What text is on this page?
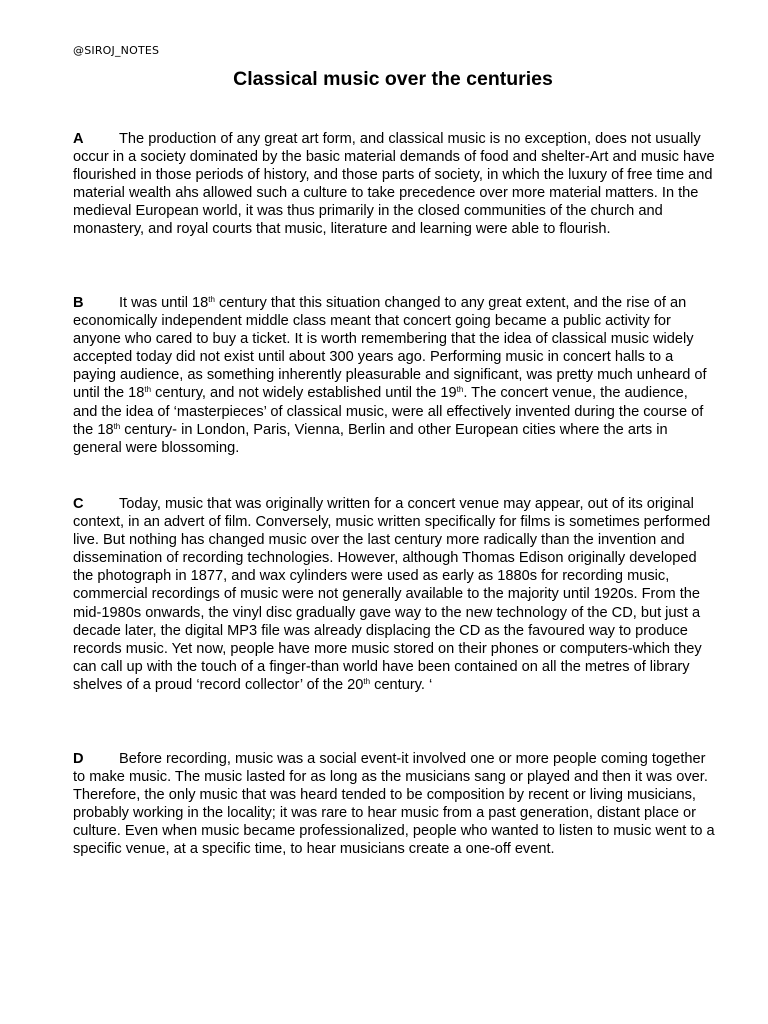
@SIROJ_NOTES
Classical music over the centuries

A The production of any great art form, and classical music is no exception, does not usually occur in a society dominated by the basic material demands of food and shelter-Art and music have flourished in those periods of history, and those parts of society, in which the luxury of free time and material wealth ahs allowed such a culture to take precedence over more material matters. In the medieval European world, it was thus primarily in the closed communities of the church and monastery, and royal courts that music, literature and learning were able to flourish.

B It was until 18th century that this situation changed to any great extent, and the rise of an economically independent middle class meant that concert going became a public activity for anyone who cared to buy a ticket. It is worth remembering that the idea of classical music widely accepted today did not exist until about 300 years ago. Performing music in concert halls to a paying audience, as something inherently pleasurable and significant, was pretty much unheard of until the 18th century, and not widely established until the 19th. The concert venue, the audience, and the idea of ‘masterpieces’ of classical music, were all effectively invented during the course of the 18th century- in London, Paris, Vienna, Berlin and other European cities where the arts in general were blossoming.

C Today, music that was originally written for a concert venue may appear, out of its original context, in an advert of film. Conversely, music written specifically for films is sometimes performed live. But nothing has changed music over the last century more radically than the invention and dissemination of recording technologies. However, although Thomas Edison originally developed the photograph in 1877, and wax cylinders were used as early as 1880s for recording music, commercial recordings of music were not generally available to the majority until 1920s. From the mid-1980s onwards, the vinyl disc gradually gave way to the new technology of the CD, but just a decade later, the digital MP3 file was already displacing the CD as the favoured way to produce records music. Yet now, people have more music stored on their phones or computers-which they can call up with the touch of a finger-than world have been contained on all the metres of library shelves of a proud ‘record collector’ of the 20th century. ‘

D Before recording, music was a social event-it involved one or more people coming together to make music. The music lasted for as long as the musicians sang or played and then it was over. Therefore, the only music that was heard tended to be composition by recent or living musicians, probably working in the locality; it was rare to hear music from a past generation, distant place or culture. Even when music became professionalized, people who wanted to listen to music went to a specific venue, at a specific time, to hear musicians create a one-off event.
